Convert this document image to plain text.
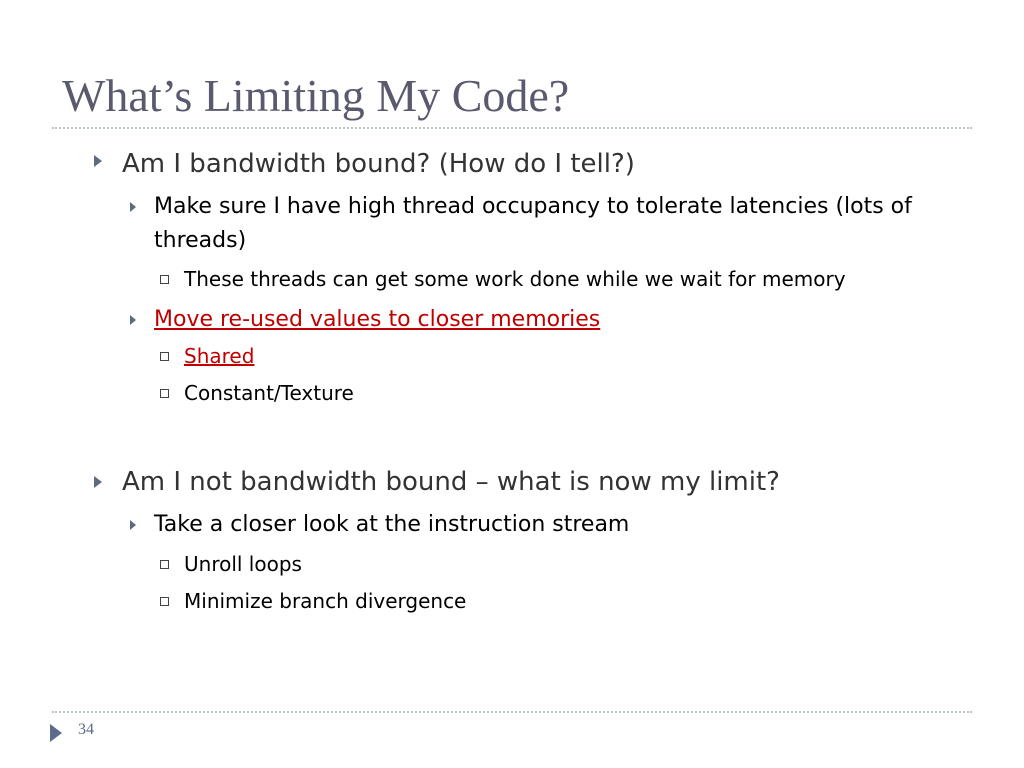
What’s Limiting My Code?
Am I bandwidth bound? (How do I tell?)
Make sure I have high thread occupancy to tolerate latencies (lots of threads)
These threads can get some work done while we wait for memory
Move re-used values to closer memories
Shared
Constant/Texture
Am I not bandwidth bound – what is now my limit?
Take a closer look at the instruction stream
Unroll loops
Minimize branch divergence
34
